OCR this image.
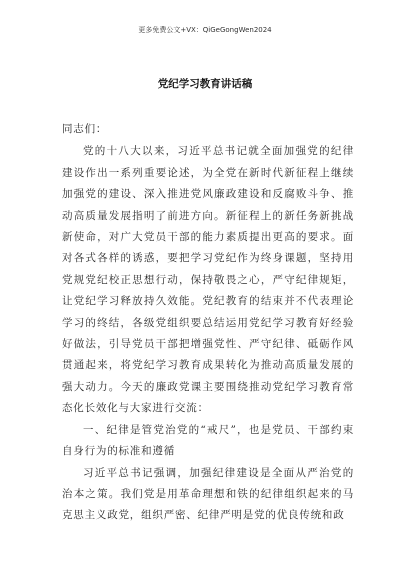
更多免费公文+VX：QiGeGongWen2024
党纪学习教育讲话稿

同志们：

党的十八大以来，习近平总书记就全面加强党的纪律建设作出一系列重要论述，为全党在新时代新征程上继续加强党的建设、深入推进党风廉政建设和反腐败斗争、推动高质量发展指明了前进方向。新征程上的新任务新挑战新使命，对广大党员干部的能力素质提出更高的要求。面对各式各样的诱惑，要把学习党纪作为终身课题，坚持用党规党纪校正思想行动，保持敬畏之心，严守纪律规矩，让党纪学习释放持久效能。党纪教育的结束并不代表理论学习的终结，各级党组织要总结运用党纪学习教育好经验好做法，引导党员干部把增强党性、严守纪律、砥砺作风贯通起来，将党纪学习教育成果转化为推动高质量发展的强大动力。今天的廉政党课主要围绕推动党纪学习教育常态化长效化与大家进行交流：

一、纪律是管党治党的“戒尺”，也是党员、干部约束自身行为的标准和遵循

习近平总书记强调，加强纪律建设是全面从严治党的治本之策。我们党是用革命理想和铁的纪律组织起来的马克思主义政党，组织严密、纪律严明是党的优良传统和政
